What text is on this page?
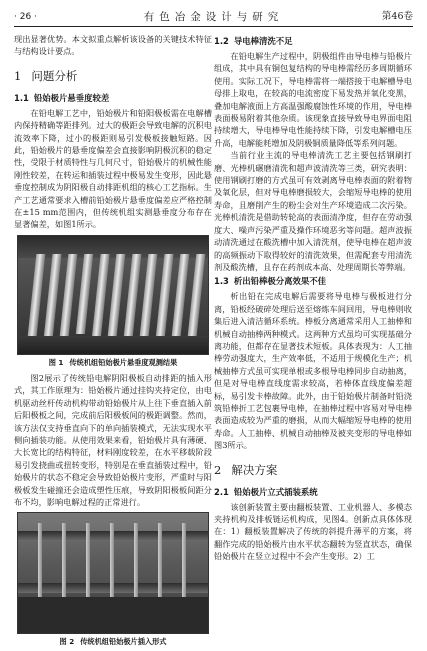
· 26 ·	有色冶金设计与研究	第46卷

现出显著优势。本文拟重点解析该设备的关键技术特征与结构设计要点。

1 问题分析
1.1 铅始极片悬垂度较差

在铅电解工艺中，铅始极片和铅阳极板需在电解槽内保持精确等距排列。过大的极距会导致电解的沉积电流效率下降，过小的极距则易引发极板接触短路。因此，铅始极片的悬垂度偏差会直接影响阴极沉积的稳定性，受限于材质特性与几何尺寸，铅始极片的机械性能刚性较差，在转运和插装过程中极易发生变形，因此悬垂度控制成为阴阳极自动排距机组的核心工艺指标。生产工艺通常要求入槽前铅始极片悬垂度偏差应严格控制在±15 mm范围内，但传统机组实测悬垂度分布存在显著偏差，如图1所示。

图 1 传统机组铅始极片悬垂度观测结果

图2展示了传统铅电解阴阳极板自动排距的插入形式，其工作原理为：铅始极片通过挂钩夹持定位，由电机驱动丝杆传动机构带动铅始极片从上往下垂直插入前后阳极板之间，完成前后阳极板间的极距调整。然而，该方法仅支持垂直向下的单向插装模式，无法实现水平侧向插装功能。从使用效果来看，铅始极片具有薄硬、大长宽比的结构特征，材料刚度较差，在水平移载阶段易引发挠曲或扭转变形，特别是在垂直插装过程中，铅始极片的状态不稳定会导致铅始极片变形，严重时与阳极板发生碰撞还会造成塑性压痕，导致阴阳极板间距分布不均，影响电解过程的正常进行。

图 2 传统机组铅始极片插入形式
1.2 导电棒清洗不足

在铅电解生产过程中，阴极组件由导电棒与铅极片组成，其中具有铜包复结构的导电棒需经历多周期循环使用。实际工况下，导电棒需将一端搭接于电解槽导电母排上取电，在较高的电流密度下易发热并氧化变黑，叠加电解液面上方高温强酸腐蚀性环境的作用，导电棒表面极易附着其他杂质。该现象直接导致导电界面电阻持续增大，导电棒导电性能持续下降，引发电解槽电压升高，电解能耗增加及阴极铜质量降低等系列问题。

当前行业主流的导电棒清洗工艺主要包括钢刷打磨、光棒机碾磨清洗和超声波清洗等三类，研究表明：使用钢刷打磨的方式虽可有效剥离导电棒表面的附着物及氧化层，但对导电棒磨损较大，会缩短导电棒的使用寿命，且磨削产生的粉尘会对生产环境造成二次污染。光棒机清洗是借助转轮高的表面清净度，但存在劳动强度大、噪声污染严重及操作环境恶劣等问题。超声波振动清洗通过在酸洗槽中加入清洗剂，使导电棒在超声波的高频振动下取得较好的清洗效果，但需配套专用清洗剂及酸洗槽，且存在药剂成本高、处理周期长等弊端。

1.3 析出铅棒极分离效果不佳

析出铅在完成电解后需要将导电棒与极板进行分离，铅板经破碎处理后送至熔炼车间回用，导电棒则收集后进入清洁循环系统。棒板分离通常采用人工抽棒和机械自动抽棒两种模式。这两种方式虽均可实现基础分离功能，但都存在显著技术短板。具体表现为：人工抽棒劳动强度大，生产效率低，不适用于规模化生产；机械抽棒方式虽可实现单根或多根导电棒同步自动抽离，但是对导电棒直线度需求较高，若棒体直线度偏差超标，易引发卡棒故障。此外，由于铅始极片制备时铅浇筑铅棒折工艺包裹导电棒，在抽棒过程中容易对导电棒表面造成较为严重的磨损，从而大幅缩短导电棒的使用寿命。人工抽棒、机械自动抽棒及被夹变形的导电棒如图3所示。

2 解决方案
2.1 铅始极片立式插装系统

该创新装置主要由翻板装置、工业机器人、多模态夹持机构及排板链运机构成，见图4。创新点具体体现在：1）翻板装置解决了传统的斜提升薄平的方案，将翻作完成的铅始极片由水平状态翻转为竖直状态，确保铅始极片在竖立过程中不会产生变形。2）工
